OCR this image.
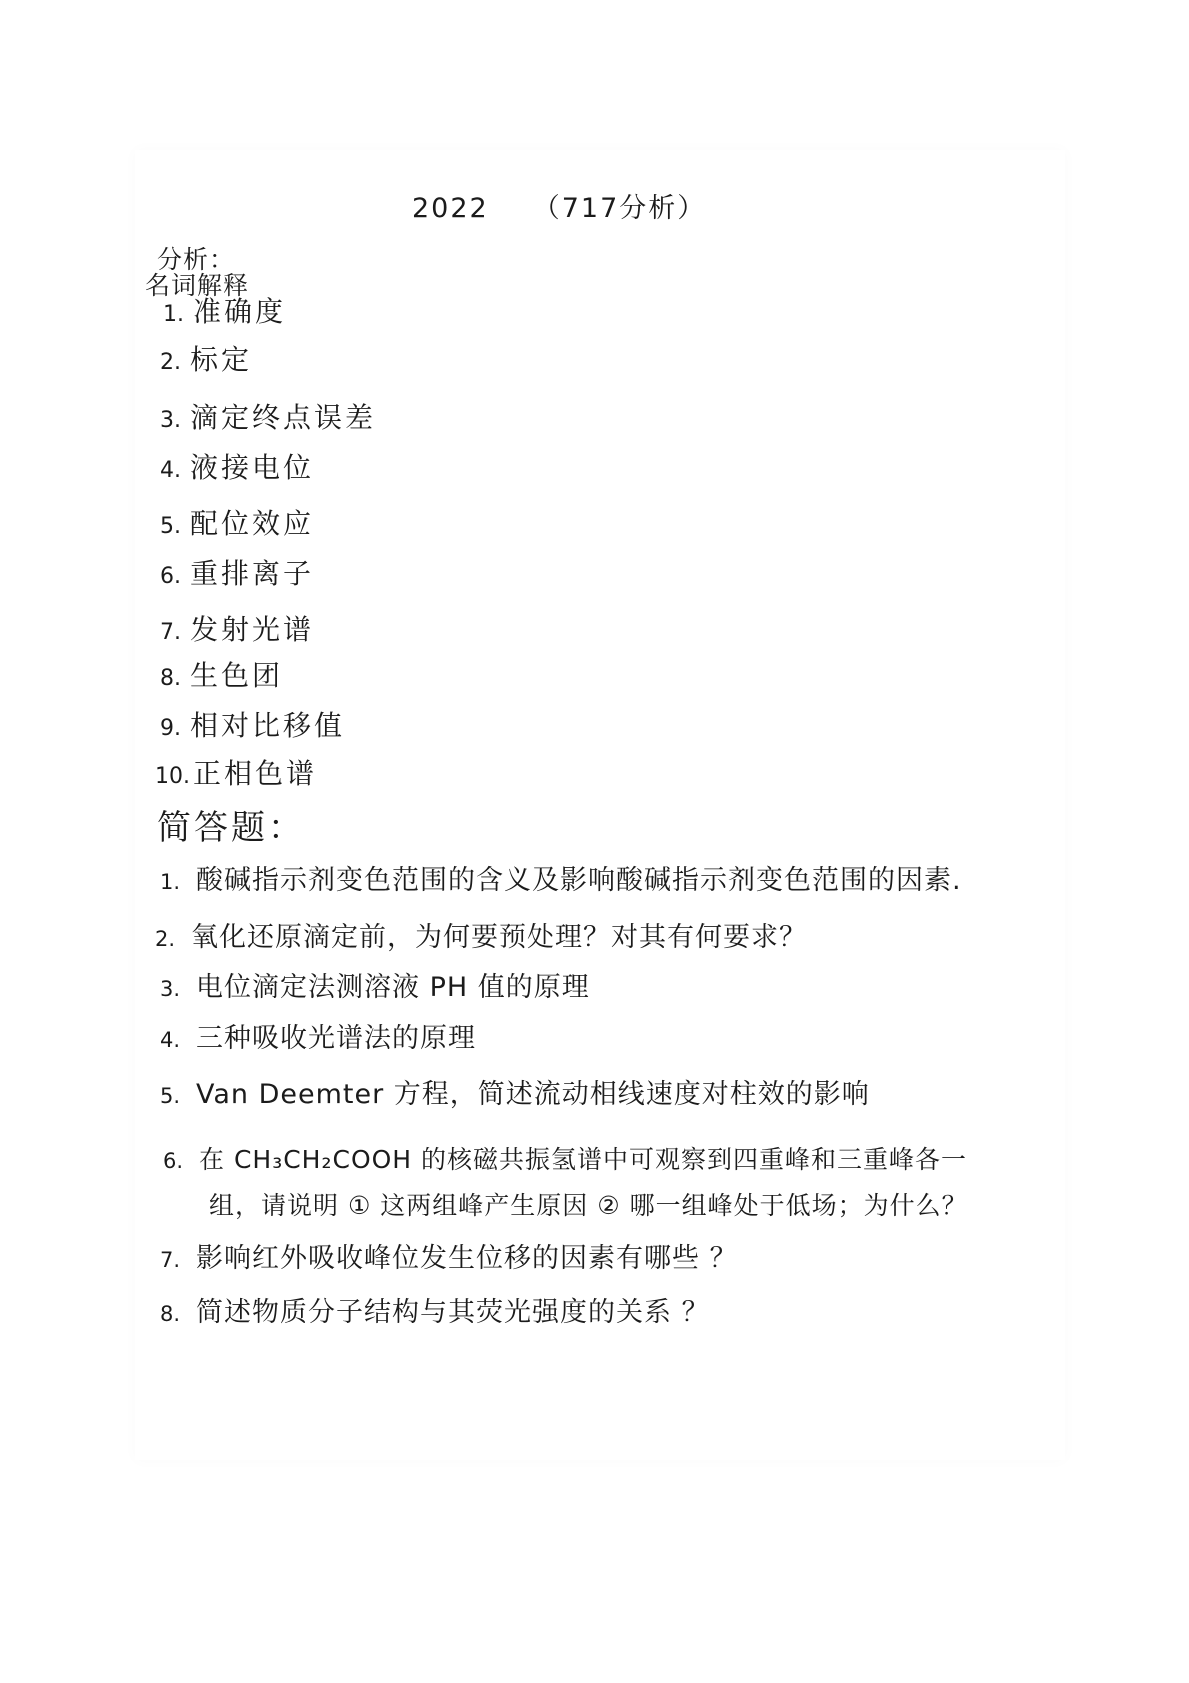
2022 （717分析）
分析：
名词解释
1. 准确度
2. 标定
3. 滴定终点误差
4. 液接电位
5. 配位效应
6. 重排离子
7. 发射光谱
8. 生色团
9. 相对比移值
10. 正相色谱
简答题：
1. 酸碱指示剂变色范围的含义及影响酸碱指示剂变色范围的因素.
2. 氧化还原滴定前，为何要预处理？对其有何要求？
3. 电位滴定法测溶液 PH 值的原理
4. 三种吸收光谱法的原理
5. Van Deemter 方程，简述流动相线速度对柱效的影响
6. 在 CH₃CH₂COOH 的核磁共振氢谱中可观察到四重峰和三重峰各一
组，请说明 ① 这两组峰产生原因 ② 哪一组峰处于低场；为什么？
7. 影响红外吸收峰位发生位移的因素有哪些 ？
8. 简述物质分子结构与其荧光强度的关系 ？
